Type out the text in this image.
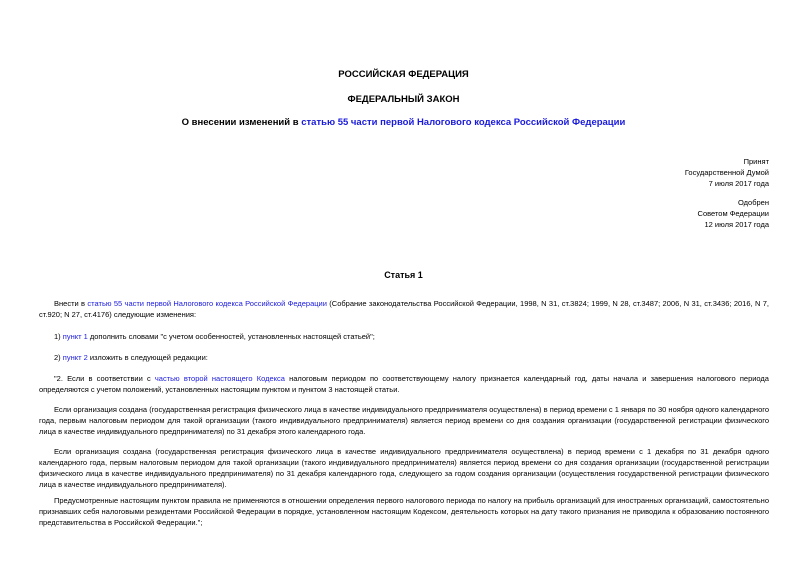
РОССИЙСКАЯ ФЕДЕРАЦИЯ
ФЕДЕРАЛЬНЫЙ ЗАКОН
О внесении изменений в статью 55 части первой Налогового кодекса Российской Федерации
Принят
Государственной Думой
7 июля 2017 года
Одобрен
Советом Федерации
12 июля 2017 года
Статья 1

Внести в статью 55 части первой Налогового кодекса Российской Федерации (Собрание законодательства Российской Федерации, 1998, N 31, ст.3824; 1999, N 28, ст.3487; 2006, N 31, ст.3436; 2016, N 7, ст.920; N 27, ст.4176) следующие изменения:

1) пункт 1 дополнить словами "с учетом особенностей, установленных настоящей статьей";

2) пункт 2 изложить в следующей редакции:

"2. Если в соответствии с частью второй настоящего Кодекса налоговым периодом по соответствующему налогу признается календарный год, даты начала и завершения налогового периода определяются с учетом положений, установленных настоящим пунктом и пунктом 3 настоящей статьи.

Если организация создана (государственная регистрация физического лица в качестве индивидуального предпринимателя осуществлена) в период времени с 1 января по 30 ноября одного календарного года, первым налоговым периодом для такой организации (такого индивидуального предпринимателя) является период времени со дня создания организации (государственной регистрации физического лица в качестве индивидуального предпринимателя) по 31 декабря этого календарного года.

Если организация создана (государственная регистрация физического лица в качестве индивидуального предпринимателя осуществлена) в период времени с 1 декабря по 31 декабря одного календарного года, первым налоговым периодом для такой организации (такого индивидуального предпринимателя) является период времени со дня создания организации (государственной регистрации физического лица в качестве индивидуального предпринимателя) по 31 декабря календарного года, следующего за годом создания организации (осуществления государственной регистрации физического лица в качестве индивидуального предпринимателя).

Предусмотренные настоящим пунктом правила не применяются в отношении определения первого налогового периода по налогу на прибыль организаций для иностранных организаций, самостоятельно признавших себя налоговыми резидентами Российской Федерации в порядке, установленном настоящим Кодексом, деятельность которых на дату такого признания не приводила к образованию постоянного представительства в Российской Федерации.";
